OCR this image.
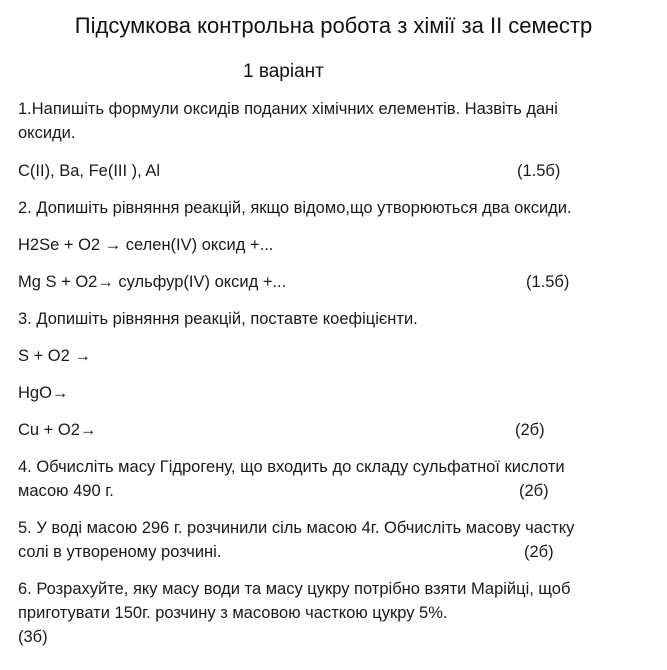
Підсумкова контрольна робота з хімії за ІІ семестр
1 варіант
1.Напишіть формули оксидів поданих хімічних елементів. Назвіть дані
оксиди.
C(II), Ba, Fe(III ), Al	(1.5б)
2. Допишіть рівняння реакцій, якщо відомо,що утворюються два оксиди.
H2Se + O2 → селен(IV) оксид +...
Mg S + O2→ сульфур(IV) оксид +...	(1.5б)
3. Допишіть рівняння реакцій, поставте коефіцієнти.
S + O2 →
HgO→
Cu + O2→	(2б)
4. Обчисліть масу Гідрогену, що входить до складу сульфатної кислоти
масою 490 г.	(2б)
5. У воді масою 296 г. розчинили сіль масою 4г. Обчисліть масову частку
солі в утвореному розчині.	(2б)
6. Розрахуйте, яку масу води та масу цукру потрібно взяти Марійці, щоб
приготувати 150г. розчину з масовою часткою цукру 5%.
(3б)
